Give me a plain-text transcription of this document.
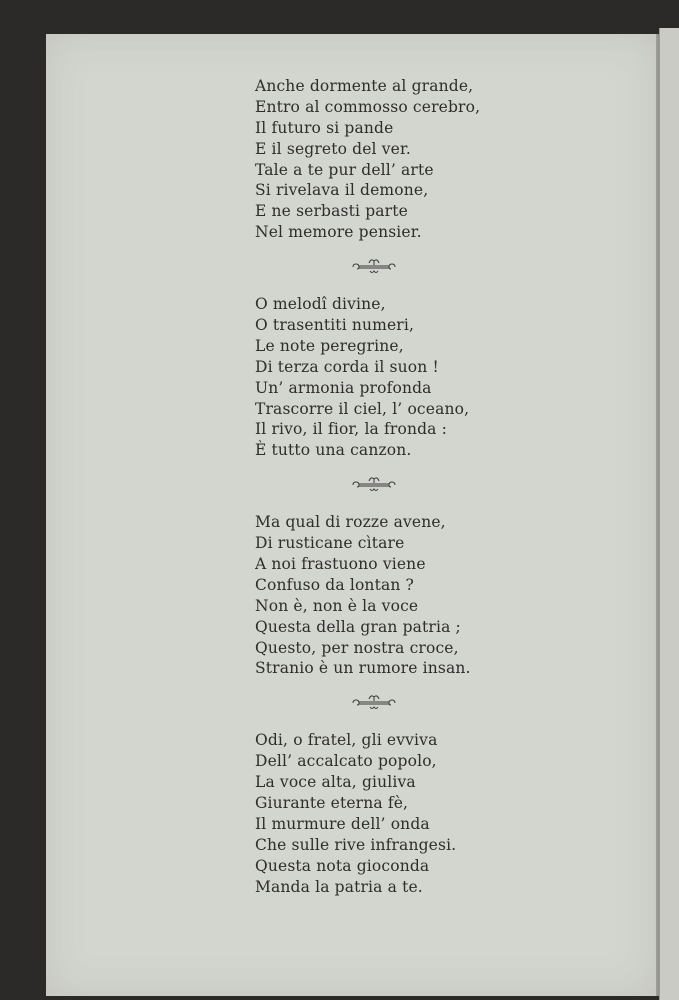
Anche dormente al grande,
Entro al commosso cerebro,
Il futuro si pande
E il segreto del ver.
Tale a te pur dell’ arte
Si rivelava il demone,
E ne serbasti parte
Nel memore pensier.
O melodî divine,
O trasentiti numeri,
Le note peregrine,
Di terza corda il suon !
Un’ armonia profonda
Trascorre il ciel, l’ oceano,
Il rivo, il fior, la fronda :
È tutto una canzon.
Ma qual di rozze avene,
Di rusticane cìtare
A noi frastuono viene
Confuso da lontan ?
Non è, non è la voce
Questa della gran patria ;
Questo, per nostra croce,
Stranio è un rumore insan.
Odi, o fratel, gli evviva
Dell’ accalcato popolo,
La voce alta, giuliva
Giurante eterna fè,
Il murmure dell’ onda
Che sulle rive infrangesi.
Questa nota gioconda
Manda la patria a te.
